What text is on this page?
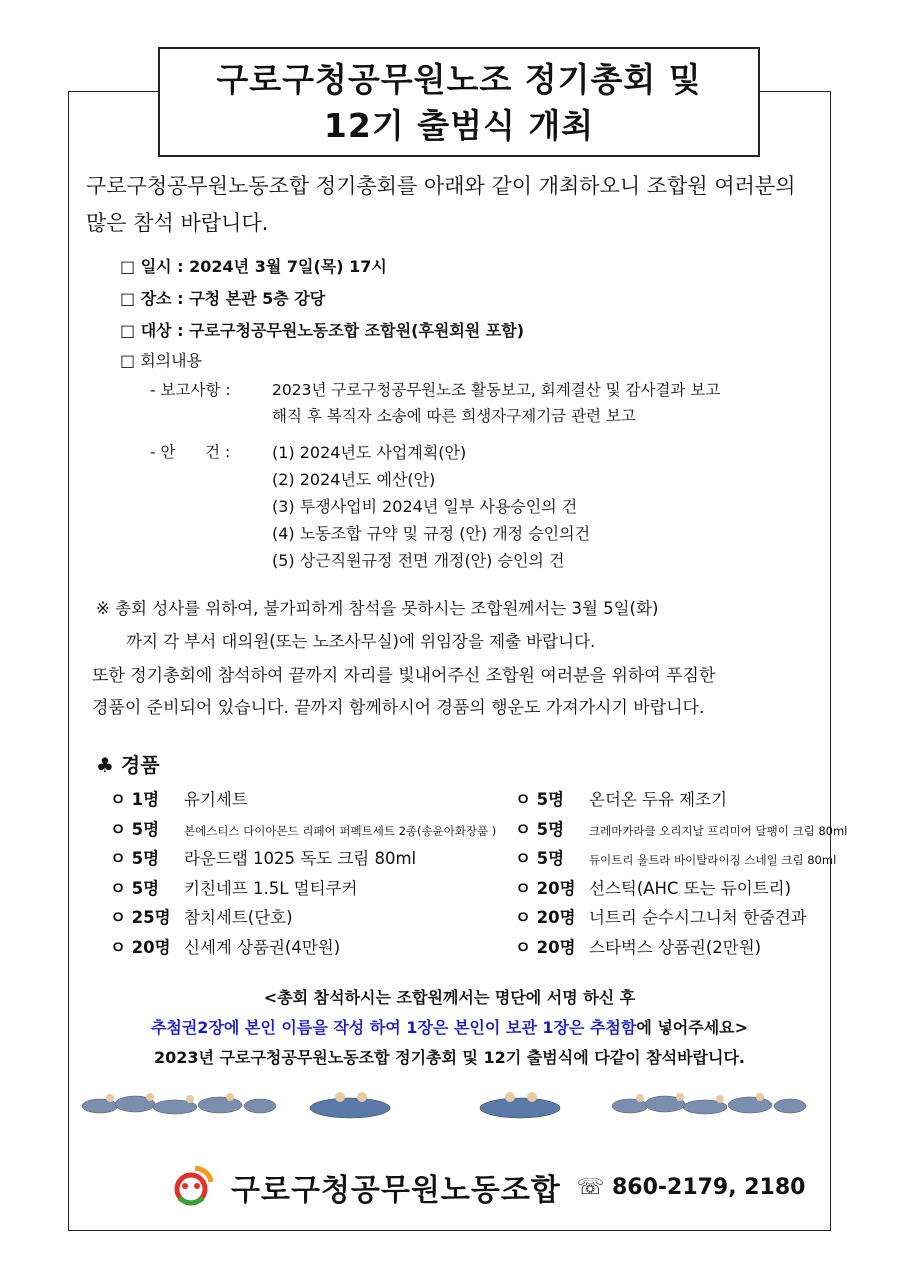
구로구청공무원노조 정기총회 및
12기 출범식 개최
구로구청공무원노동조합 정기총회를 아래와 같이 개최하오니 조합원 여러분의
많은 참석 바랍니다.
□ 일시 : 2024년 3월 7일(목) 17시
□ 장소 : 구청 본관 5층 강당
□ 대상 : 구로구청공무원노동조합 조합원(후원회원 포함)
□ 회의내용
- 보고사항 :	2023년 구로구청공무원노조 활동보고, 회계결산 및 감사결과 보고
해직 후 복직자 소송에 따른 희생자구제기금 관련 보고
- 안      건 :	(1) 2024년도 사업계획(안)
(2) 2024년도 예산(안)
(3) 투쟁사업비 2024년 일부 사용승인의 건
(4) 노동조합 규약 및 규정 (안) 개정 승인의건
(5) 상근직원규정 전면 개정(안) 승인의 건
※ 총회 성사를 위하여, 불가피하게 참석을 못하시는 조합원께서는 3월 5일(화)
까지 각 부서 대의원(또는 노조사무실)에 위임장을 제출 바랍니다.
또한 정기총회에 참석하여 끝까지 자리를 빛내어주신 조합원 여러분을 위하여 푸짐한
경품이 준비되어 있습니다. 끝까지 함께하시어 경품의 행운도 가져가시기 바랍니다.
♣ 경품
ㅇ 1명 유기세트
ㅇ 5명 본에스티스 다이아몬드 리페어 퍼펙트세트 2종(송윤아화장품 )
ㅇ 5명 라운드랩 1025 독도 크림 80ml
ㅇ 5명 키친네프 1.5L 멀티쿠커
ㅇ 25명 참치세트(단호)
ㅇ 20명 신세계 상품권(4만원)
ㅇ 5명 온더온 두유 제조기
ㅇ 5명 크레마카라클 오리지날 프리미어 달팽이 크림 80ml
ㅇ 5명 듀이트리 울트라 바이탈라이징 스네일 크림 80ml
ㅇ 20명 선스틱(AHC 또는 듀이트리)
ㅇ 20명 너트리 순수시그니처 한줌견과
ㅇ 20명 스타벅스 상품권(2만원)
<총회 참석하시는 조합원께서는 명단에 서명 하신 후
추첨권2장에 본인 이름을 작성 하여 1장은 본인이 보관 1장은 추첨함에 넣어주세요>
2023년 구로구청공무원노동조합 정기총회 및 12기 출범식에 다같이 참석바랍니다.
구로구청공무원노동조합 ☏ 860-2179, 2180
